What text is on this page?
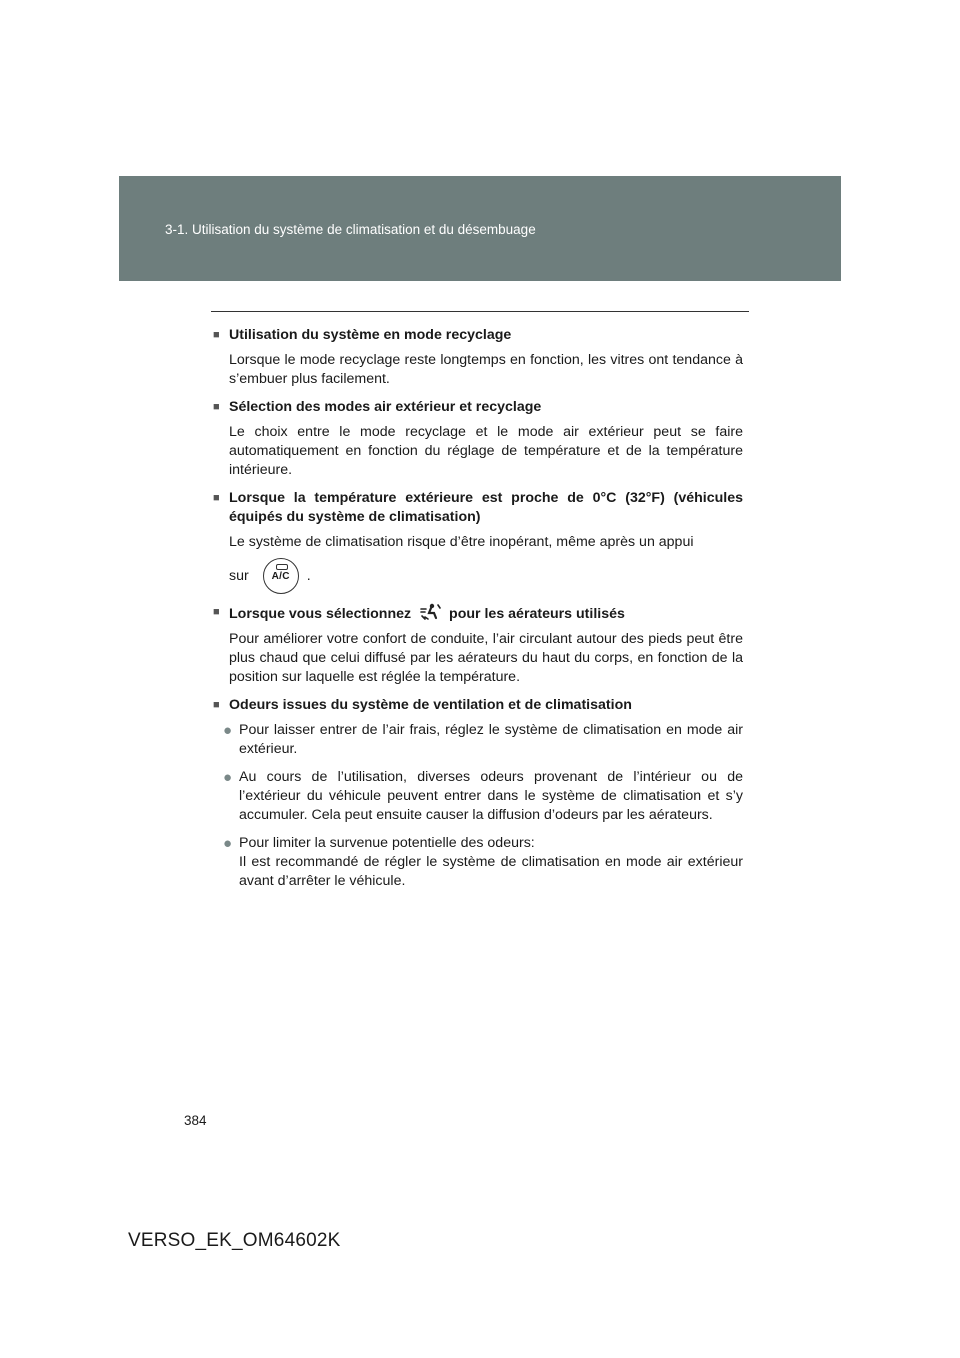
3-1. Utilisation du système de climatisation et du désembuage
■ Utilisation du système en mode recyclage
Lorsque le mode recyclage reste longtemps en fonction, les vitres ont tendance à s’embuer plus facilement.
■ Sélection des modes air extérieur et recyclage
Le choix entre le mode recyclage et le mode air extérieur peut se faire automatiquement en fonction du réglage de température et de la température intérieure.
■ Lorsque la température extérieure est proche de 0°C (32°F) (véhicules équipés du système de climatisation)
Le système de climatisation risque d’être inopérant, même après un appui
sur A/C .
■ Lorsque vous sélectionnez	pour les aérateurs utilisés
Pour améliorer votre confort de conduite, l’air circulant autour des pieds peut être plus chaud que celui diffusé par les aérateurs du haut du corps, en fonction de la position sur laquelle est réglée la température.
■ Odeurs issues du système de ventilation et de climatisation
● Pour laisser entrer de l’air frais, réglez le système de climatisation en mode air extérieur.
● Au cours de l’utilisation, diverses odeurs provenant de l’intérieur ou de l’extérieur du véhicule peuvent entrer dans le système de climatisation et s’y accumuler. Cela peut ensuite causer la diffusion d’odeurs par les aérateurs.
● Pour limiter la survenue potentielle des odeurs:
Il est recommandé de régler le système de climatisation en mode air extérieur avant d’arrêter le véhicule.
384
VERSO_EK_OM64602K
